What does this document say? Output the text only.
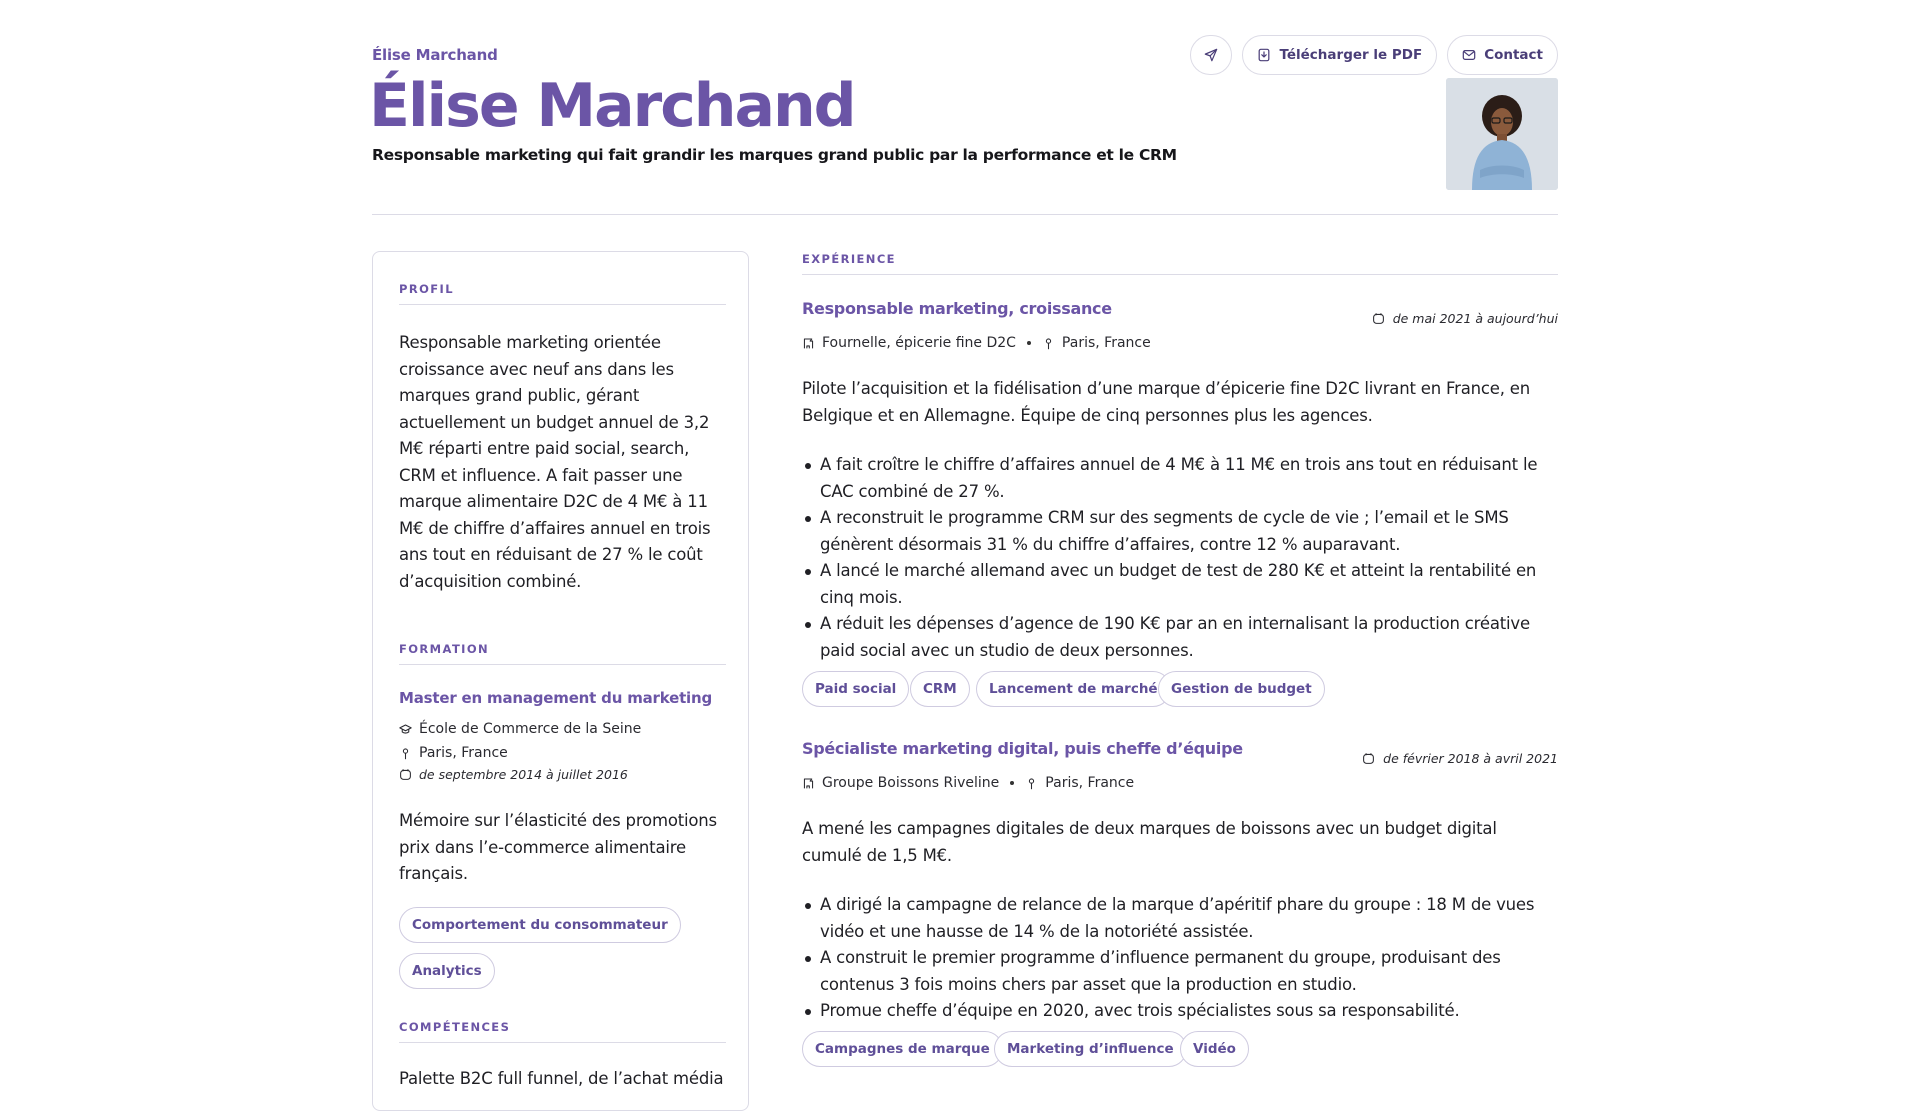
Élise Marchand
Élise Marchand
Responsable marketing qui fait grandir les marques grand public par la performance et le CRM
Télécharger le PDF	Contact
PROFIL
Responsable marketing orientée croissance avec neuf ans dans les marques grand public, gérant actuellement un budget annuel de 3,2 M€ réparti entre paid social, search, CRM et influence. A fait passer une marque alimentaire D2C de 4 M€ à 11 M€ de chiffre d’affaires annuel en trois ans tout en réduisant de 27 % le coût d’acquisition combiné.
FORMATION
Master en management du marketing
École de Commerce de la Seine
Paris, France
de septembre 2014 à juillet 2016
Mémoire sur l’élasticité des promotions prix dans l’e-commerce alimentaire français.
Comportement du consommateur
Analytics
COMPÉTENCES
Palette B2C full funnel, de l’achat média
EXPÉRIENCE
Responsable marketing, croissance
de mai 2021 à aujourd’hui
Fournelle, épicerie fine D2C	Paris, France
Pilote l’acquisition et la fidélisation d’une marque d’épicerie fine D2C livrant en France, en Belgique et en Allemagne. Équipe de cinq personnes plus les agences.
A fait croître le chiffre d’affaires annuel de 4 M€ à 11 M€ en trois ans tout en réduisant le CAC combiné de 27 %.
A reconstruit le programme CRM sur des segments de cycle de vie ; l’email et le SMS génèrent désormais 31 % du chiffre d’affaires, contre 12 % auparavant.
A lancé le marché allemand avec un budget de test de 280 K€ et atteint la rentabilité en cinq mois.
A réduit les dépenses d’agence de 190 K€ par an en internalisant la production créative paid social avec un studio de deux personnes.
Paid social	CRM	Lancement de marché Gestion de budget
Spécialiste marketing digital, puis cheffe d’équipe
de février 2018 à avril 2021
Groupe Boissons Riveline	Paris, France
A mené les campagnes digitales de deux marques de boissons avec un budget digital cumulé de 1,5 M€.
A dirigé la campagne de relance de la marque d’apéritif phare du groupe : 18 M de vues vidéo et une hausse de 14 % de la notoriété assistée.
A construit le premier programme d’influence permanent du groupe, produisant des contenus 3 fois moins chers par asset que la production en studio.
Promue cheffe d’équipe en 2020, avec trois spécialistes sous sa responsabilité.
Campagnes de marque	Marketing d’influence	Vidéo
